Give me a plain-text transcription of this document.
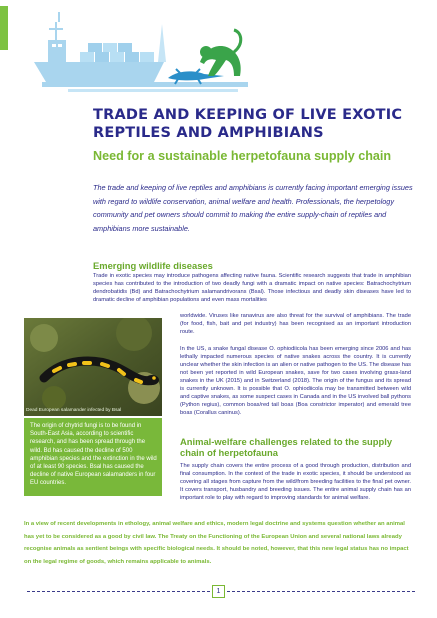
TRADE AND KEEPING OF LIVE EXOTIC REPTILES AND AMPHIBIANS
Need for a sustainable herpetofauna supply chain

The trade and keeping of live reptiles and amphibians is currently facing important emerging issues with regard to wildlife conservation, animal welfare and health. Professionals, the herpetology community and pet owners should commit to making the entire supply-chain of reptiles and amphibians more sustainable.

Emerging wildlife diseases

Trade in exotic species may introduce pathogens affecting native fauna. Scientific research suggests that trade in amphibian species has contributed to the introduction of two deadly fungi with a dramatic impact on native species: Batrachochytrium dendrobatidis (Bd) and Batrachochytrium salamandrivorans (Bsal). Those infectious and deadly skin diseases have led to dramatic decline of amphibian populations and even mass mortalities

worldwide. Viruses like ranavirus are also threat for the survival of amphibians. The trade (for food, fish, bait and pet industry) has been recognised as an important introduction route.

In the US, a snake fungal disease O. ophiodiicola has been emerging since 2006 and has lethally impacted numerous species of native snakes across the country. It is currently unclear whether the skin infection is an alien or native pathogen to the US. The disease has not been yet reported in wild European snakes, save for two cases involving grass-land snakes in the UK (2015) and in Switzerland (2018). The origin of the fungus and its spread is currently unknown. It is possible that O. ophiodiicola may be transmitted between wild and captive snakes, as some suspect cases in Canada and in the US involved ball pythons (Python regius), common boas/red tail boas (Boa constrictor imperator) and emerald tree boas (Corallus caninus).

Animal-welfare challenges related to the supply chain of herpetofauna

The supply chain covers the entire process of a good through production, distribution and final consumption. In the context of the trade in exotic species, it should be understood as covering all stages from capture from the wild/from breeding facilities to the final pet owner. It covers transport, husbandry and breeding issues. The entire animal supply chain has an important role to play with regard to improving standards for animal welfare.

Dead European salamander infected by Bsal

The origin of chytrid fungi is to be found in South-East Asia, according to scientific research, and has been spread through the wild. Bd has caused the decline of 500 amphibian species and the extinction in the wild of at least 90 species. Bsal has caused the decline of native European salamanders in four EU countries.

In a view of recent developments in ethology, animal welfare and ethics, modern legal doctrine and systems question whether an animal has yet to be considered as a good by civil law. The Treaty on the Functioning of the European Union and several national laws already recognise animals as sentient beings with specific biological needs. It should be noted, however, that this new legal status has no impact on the legal regime of goods, which remains applicable to animals.

1
